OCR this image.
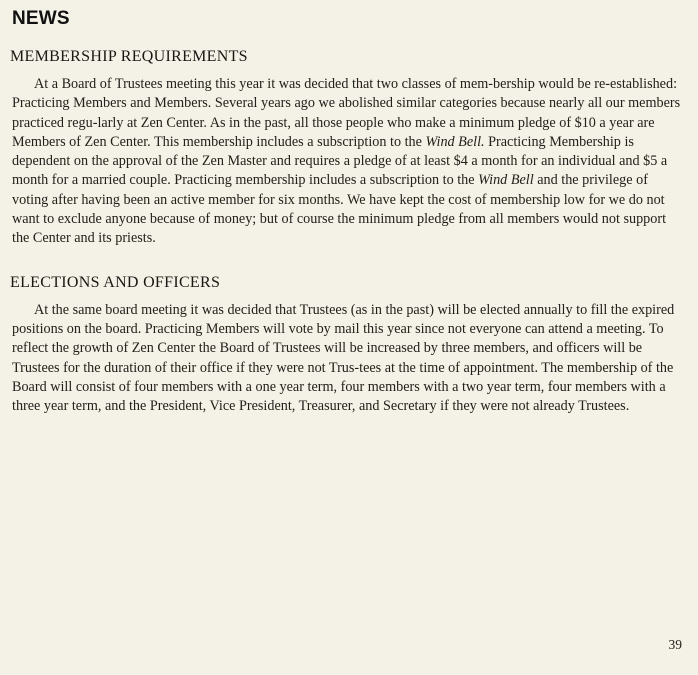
NEWS
MEMBERSHIP REQUIREMENTS

At a Board of Trustees meeting this year it was decided that two classes of mem-bership would be re-established: Practicing Members and Members. Several years ago we abolished similar categories because nearly all our members practiced regu-larly at Zen Center. As in the past, all those people who make a minimum pledge of $10 a year are Members of Zen Center. This membership includes a subscription to the Wind Bell. Practicing Membership is dependent on the approval of the Zen Master and requires a pledge of at least $4 a month for an individual and $5 a month for a married couple. Practicing membership includes a subscription to the Wind Bell and the privilege of voting after having been an active member for six months. We have kept the cost of membership low for we do not want to exclude anyone because of money; but of course the minimum pledge from all members would not support the Center and its priests.

ELECTIONS AND OFFICERS

At the same board meeting it was decided that Trustees (as in the past) will be elected annually to fill the expired positions on the board. Practicing Members will vote by mail this year since not everyone can attend a meeting. To reflect the growth of Zen Center the Board of Trustees will be increased by three members, and officers will be Trustees for the duration of their office if they were not Trus-tees at the time of appointment. The membership of the Board will consist of four members with a one year term, four members with a two year term, four members with a three year term, and the President, Vice President, Treasurer, and Secretary if they were not already Trustees.

39
